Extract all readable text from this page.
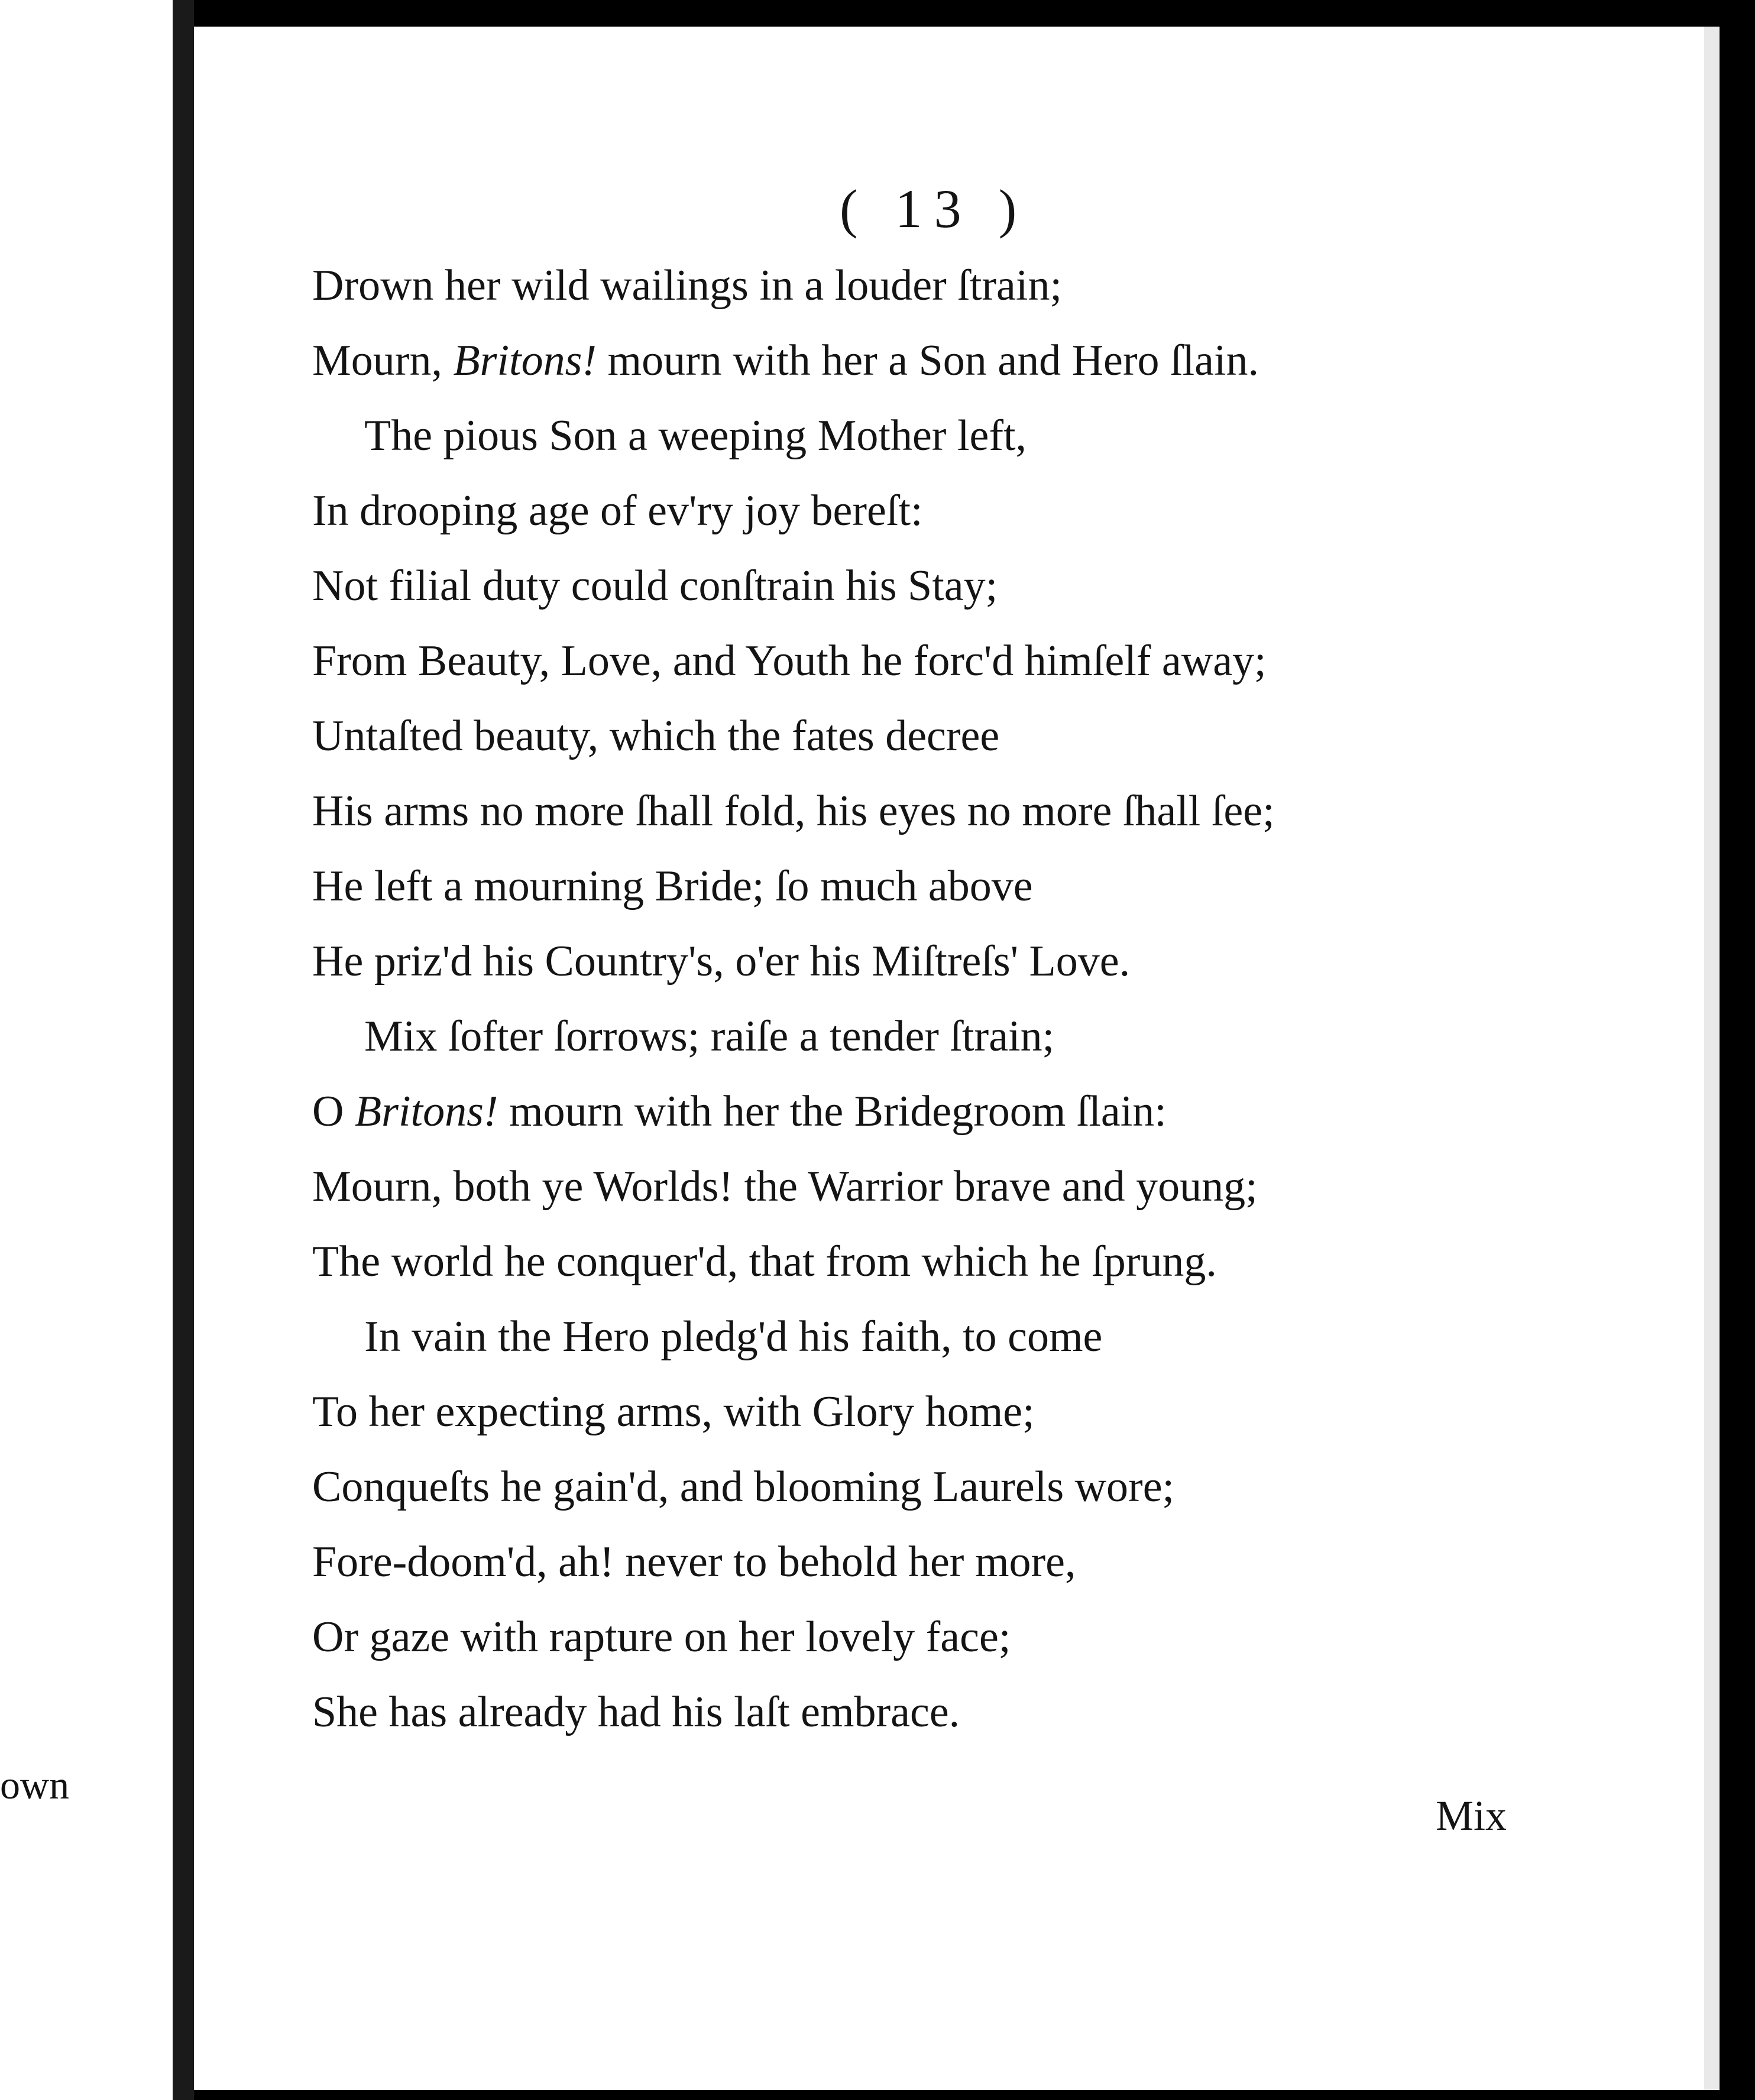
own
( 13 )
Drown her wild wailings in a louder ſtrain;
Mourn, Britons! mourn with her a Son and Hero ſlain.
The pious Son a weeping Mother left,
In drooping age of ev'ry joy bereſt:
Not filial duty could conſtrain his Stay;
From Beauty, Love, and Youth he forc'd himſelf away;
Untaſted beauty, which the fates decree
His arms no more ſhall fold, his eyes no more ſhall ſee;
He left a mourning Bride; ſo much above
He priz'd his Country's, o'er his Miſtreſs' Love.
Mix ſofter ſorrows; raiſe a tender ſtrain;
O Britons! mourn with her the Bridegroom ſlain:
Mourn, both ye Worlds! the Warrior brave and young;
The world he conquer'd, that from which he ſprung.
In vain the Hero pledg'd his faith, to come
To her expecting arms, with Glory home;
Conqueſts he gain'd, and blooming Laurels wore;
Fore-doom'd, ah! never to behold her more,
Or gaze with rapture on her lovely face;
She has already had his laſt embrace.
Mix
